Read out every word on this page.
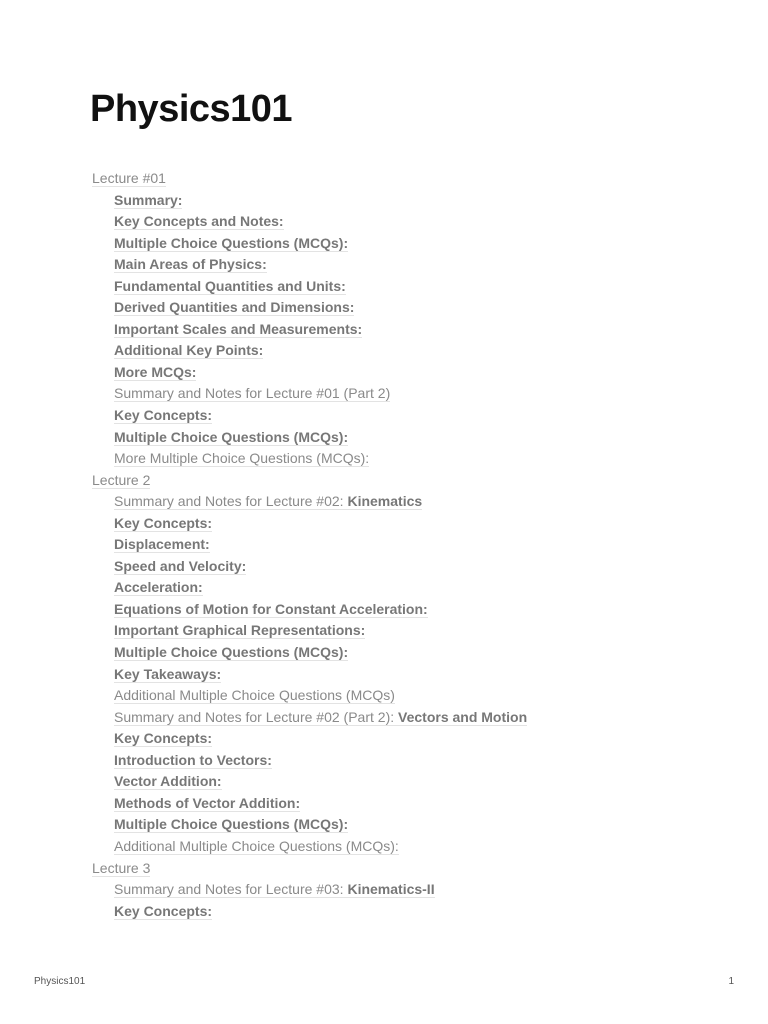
Physics101
Lecture #01
Summary:
Key Concepts and Notes:
Multiple Choice Questions (MCQs):
Main Areas of Physics:
Fundamental Quantities and Units:
Derived Quantities and Dimensions:
Important Scales and Measurements:
Additional Key Points:
More MCQs:
Summary and Notes for Lecture #01 (Part 2)
Key Concepts:
Multiple Choice Questions (MCQs):
More Multiple Choice Questions (MCQs):
Lecture 2
Summary and Notes for Lecture #02: Kinematics
Key Concepts:
Displacement:
Speed and Velocity:
Acceleration:
Equations of Motion for Constant Acceleration:
Important Graphical Representations:
Multiple Choice Questions (MCQs):
Key Takeaways:
Additional Multiple Choice Questions (MCQs)
Summary and Notes for Lecture #02 (Part 2): Vectors and Motion
Key Concepts:
Introduction to Vectors:
Vector Addition:
Methods of Vector Addition:
Multiple Choice Questions (MCQs):
Additional Multiple Choice Questions (MCQs):
Lecture 3
Summary and Notes for Lecture #03: Kinematics-II
Key Concepts:
Physics101	1
